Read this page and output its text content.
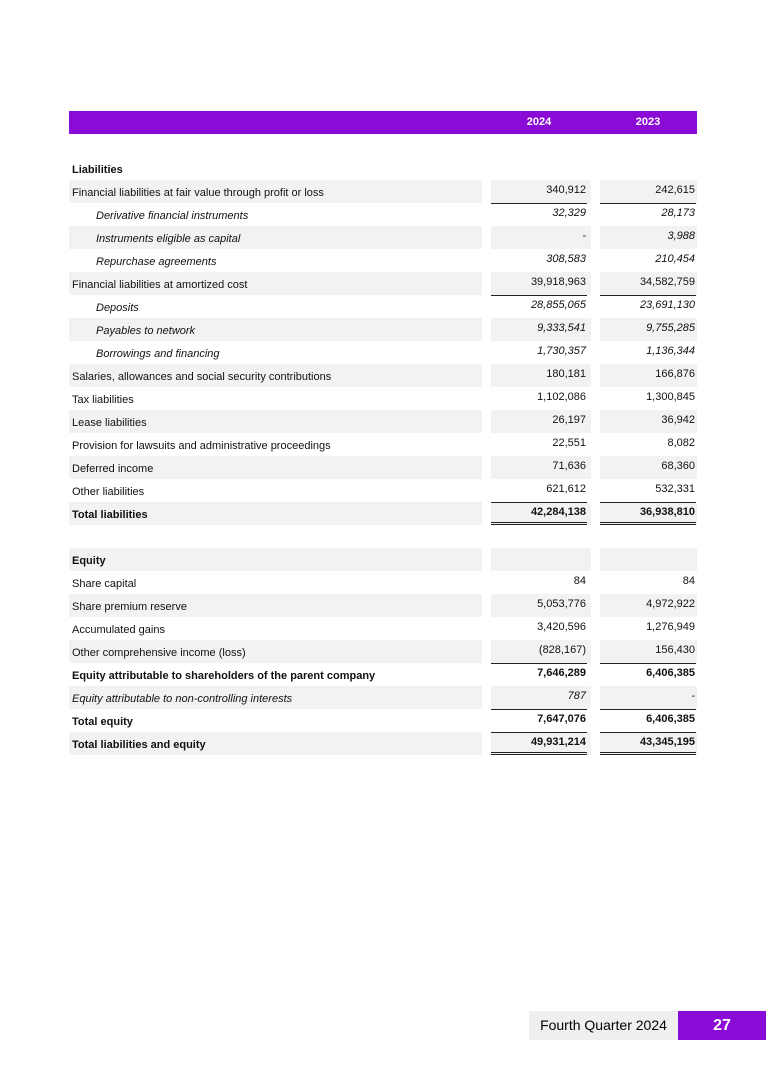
2024	2023
Liabilities
Financial liabilities at fair value through profit or loss	340,912	242,615
Derivative financial instruments	32,329	28,173
Instruments eligible as capital	-	3,988
Repurchase agreements	308,583	210,454
Financial liabilities at amortized cost	39,918,963	34,582,759
Deposits	28,855,065	23,691,130
Payables to network	9,333,541	9,755,285
Borrowings and financing	1,730,357	1,136,344
Salaries, allowances and social security contributions	180,181	166,876
Tax liabilities	1,102,086	1,300,845
Lease liabilities	26,197	36,942
Provision for lawsuits and administrative proceedings	22,551	8,082
Deferred income	71,636	68,360
Other liabilities	621,612	532,331
Total liabilities	42,284,138	36,938,810
Equity
Share capital	84	84
Share premium reserve	5,053,776	4,972,922
Accumulated gains	3,420,596	1,276,949
Other comprehensive income (loss)	(828,167)	156,430
Equity attributable to shareholders of the parent company	7,646,289	6,406,385
Equity attributable to non-controlling interests	787	-
Total equity	7,647,076	6,406,385
Total liabilities and equity	49,931,214	43,345,195
Fourth Quarter 2024	27
